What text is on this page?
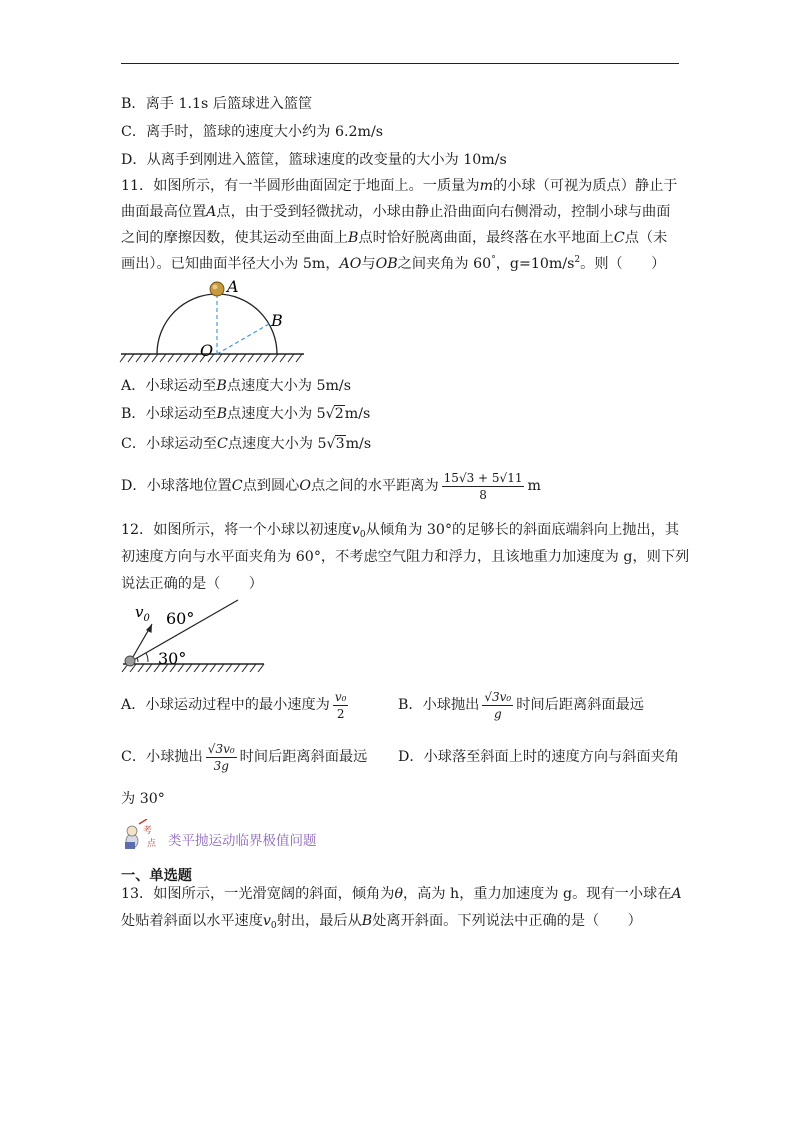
B．离手 1.1s 后篮球进入篮筐
C．离手时，篮球的速度大小约为 6.2m/s
D．从离手到刚进入篮筐，篮球速度的改变量的大小为 10m/s
11．如图所示，有一半圆形曲面固定于地面上。一质量为m的小球（可视为质点）静止于
曲面最高位置A点，由于受到轻微扰动，小球由静止沿曲面向右侧滑动，控制小球与曲面
之间的摩擦因数，使其运动至曲面上B点时恰好脱离曲面，最终落在水平地面上C点（未
画出）。已知曲面半径大小为 5m，AO与OB之间夹角为 60°，$g=10m/s^2$。则（　　）
A
B
O
A．小球运动至B点速度大小为 5m/s
B．小球运动至B点速度大小为 5√2m/s
C．小球运动至C点速度大小为 5√3m/s
D．小球落地位置C点到圆心O点之间的水平距离为 $\frac{15√3 + 5√11}{8}$ m
12．如图所示，将一个小球以初速度$v_0$从倾角为 30°的足够长的斜面底端斜向上抛出，其
初速度方向与水平面夹角为 60°，不考虑空气阻力和浮力，且该地重力加速度为 g，则下列
说法正确的是（　　）
$v_0$ 60°
30°
A．小球运动过程中的最小速度为 $\frac{\text{v₀}}{2}$	B．小球抛出 $\frac{\text{√3v₀}}{g}$ 时间后距离斜面最远
C．小球抛出 $\frac{\text{√3v₀}}{3g}$ 时间后距离斜面最远 D．小球落至斜面上时的速度方向与斜面夹角
为 30°
考
点 类平抛运动临界极值问题
一、单选题
13．如图所示，一光滑宽阔的斜面，倾角为θ，高为 h，重力加速度为 g。现有一小球在A
处贴着斜面以水平速度$v_0$射出，最后从B处离开斜面。下列说法中正确的是（　　）
